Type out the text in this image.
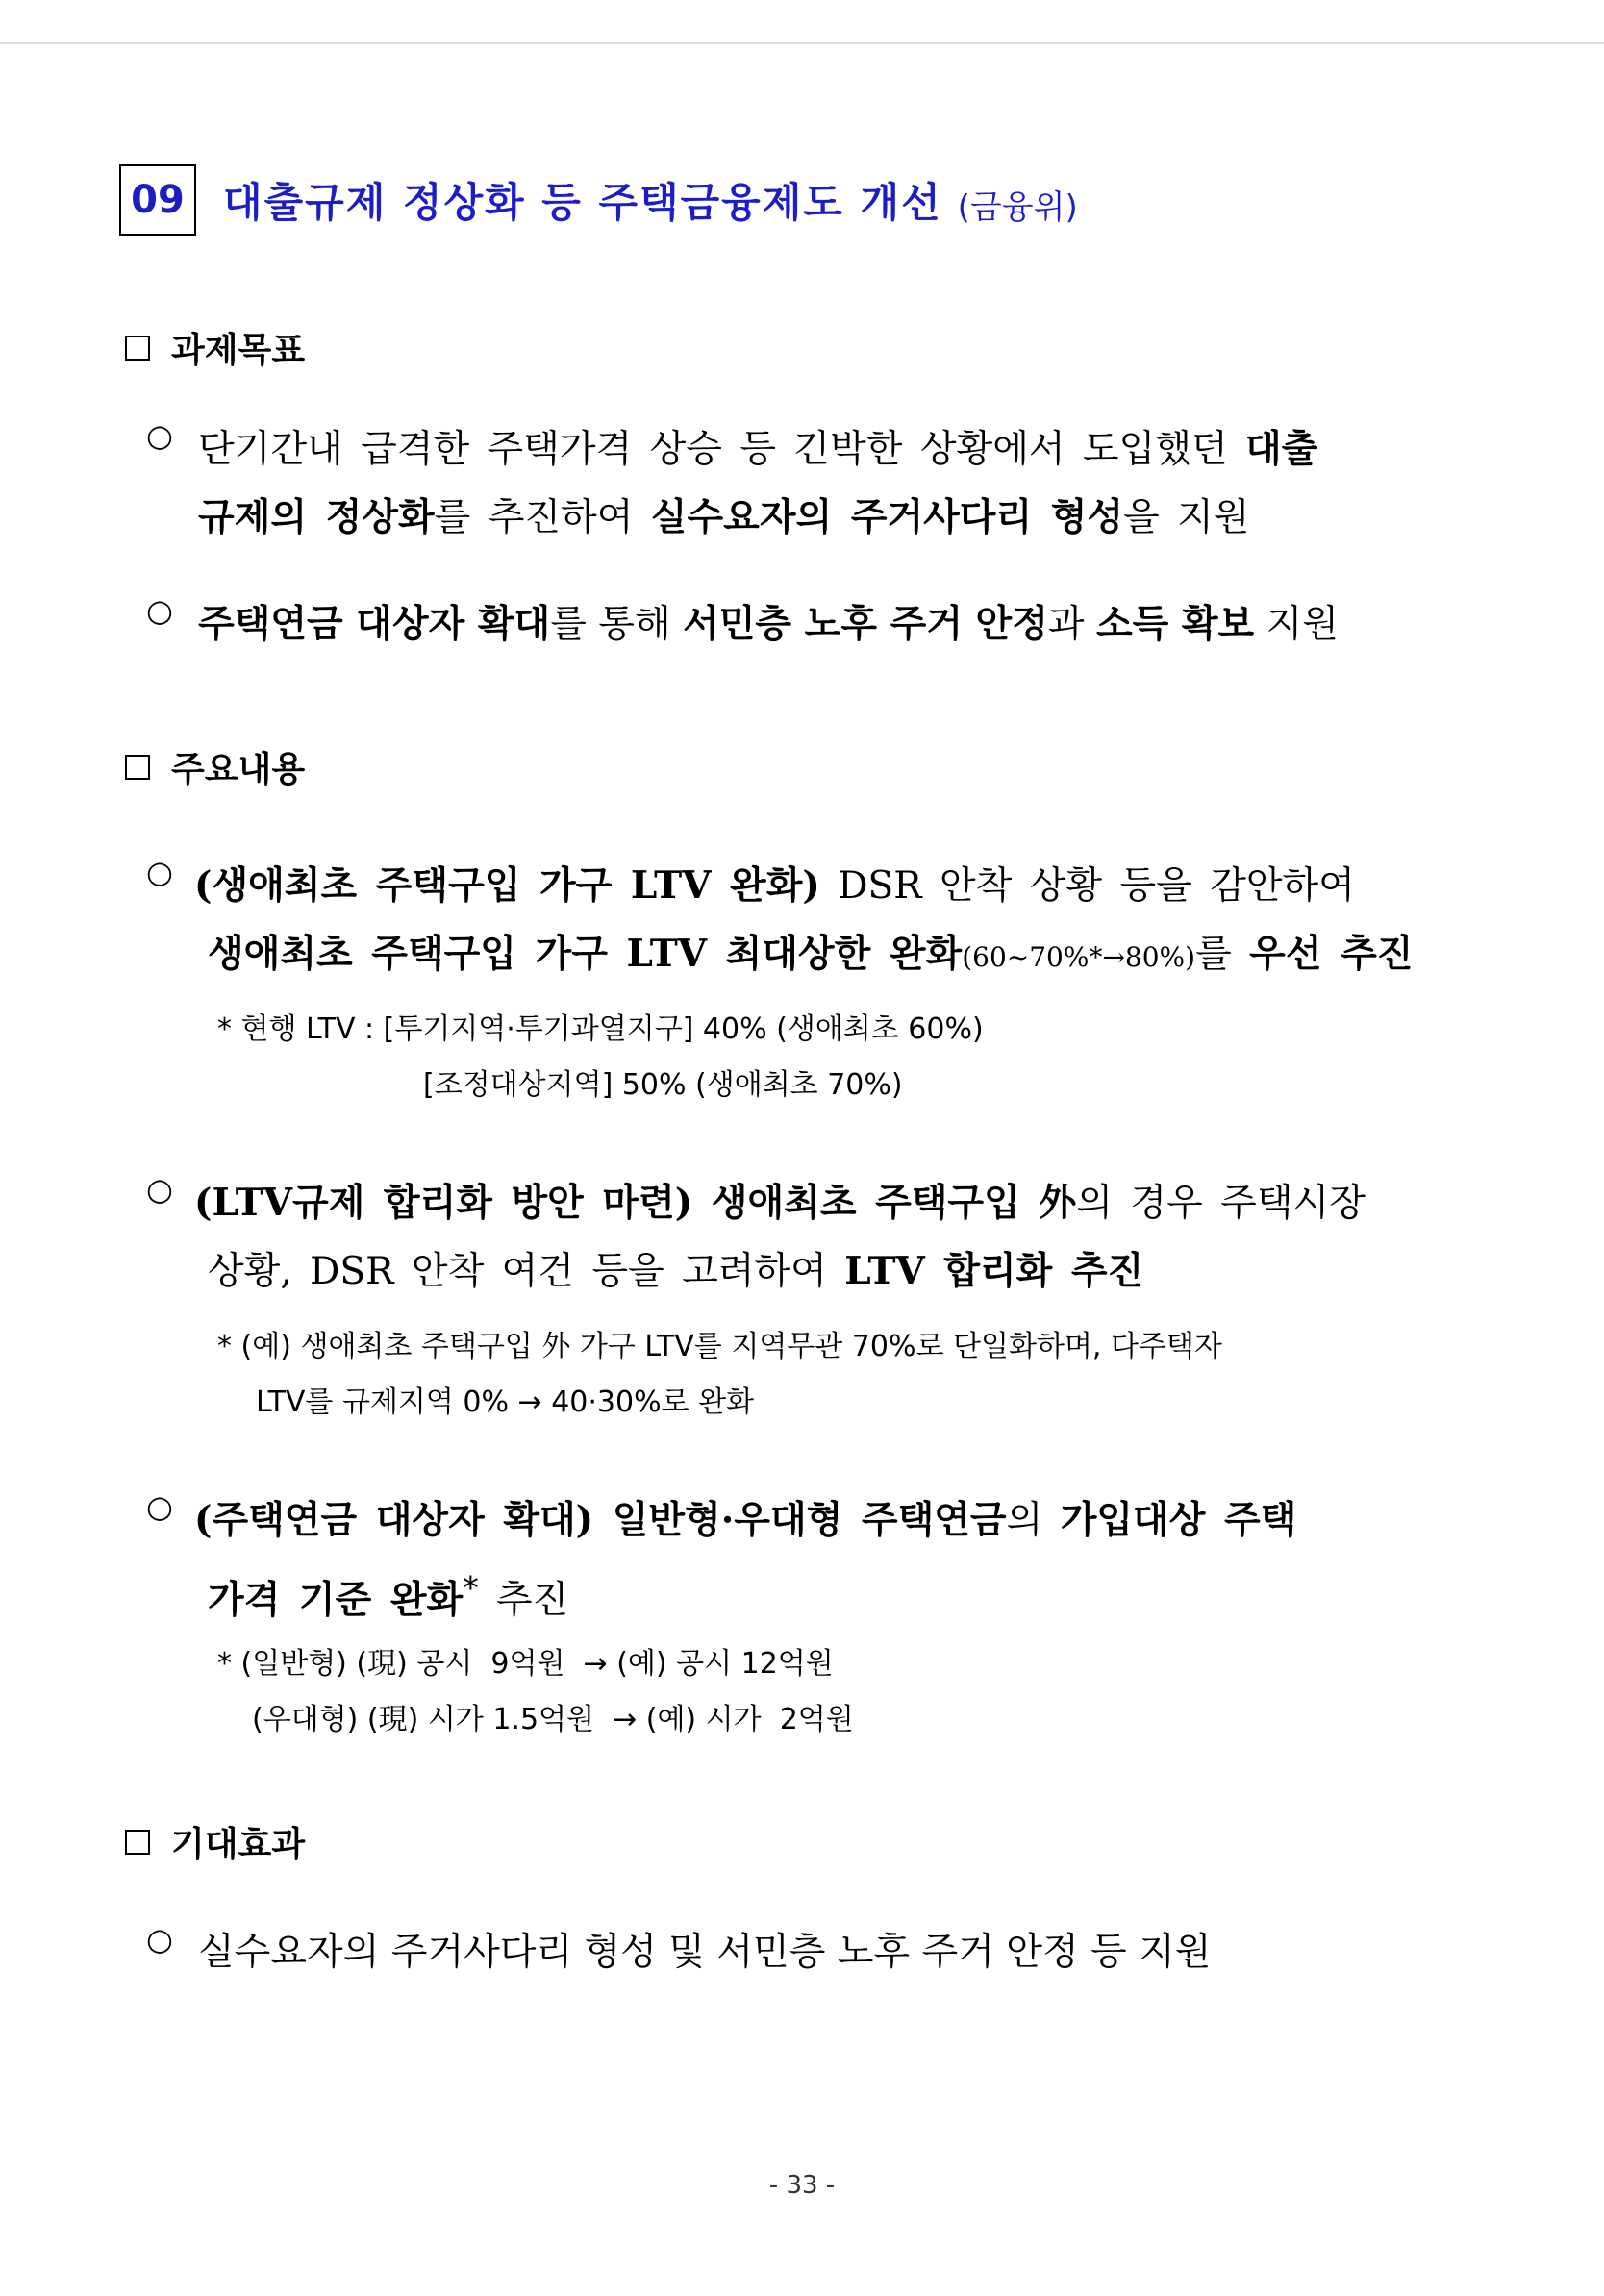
09 대출규제 정상화 등 주택금융제도 개선 (금융위)
과제목표
○ 단기간내 급격한 주택가격 상승 등 긴박한 상황에서 도입했던 대출
규제의 정상화를 추진하여 실수요자의 주거사다리 형성을 지원
○ 주택연금 대상자 확대를 통해 서민층 노후 주거 안정과 소득 확보 지원
주요내용
○ (생애최초 주택구입 가구 LTV 완화) DSR 안착 상황 등을 감안하여
생애최초 주택구입 가구 LTV 최대상한 완화(60~70%*→80%)를 우선 추진
* 현행 LTV : [투기지역·투기과열지구] 40% (생애최초 60%)
[조정대상지역] 50% (생애최초 70%)
○ (LTV규제 합리화 방안 마련) 생애최초 주택구입 外의 경우 주택시장
상황, DSR 안착 여건 등을 고려하여 LTV 합리화 추진
* (예) 생애최초 주택구입 外 가구 LTV를 지역무관 70%로 단일화하며, 다주택자
LTV를 규제지역 0% → 40·30%로 완화
○ (주택연금 대상자 확대) 일반형·우대형 주택연금의 가입대상 주택
가격 기준 완화* 추진
* (일반형) (現) 공시  9억원  → (예) 공시 12억원
(우대형) (現) 시가 1.5억원  → (예) 시가  2억원
기대효과
○ 실수요자의 주거사다리 형성 및 서민층 노후 주거 안정 등 지원
- 33 -
